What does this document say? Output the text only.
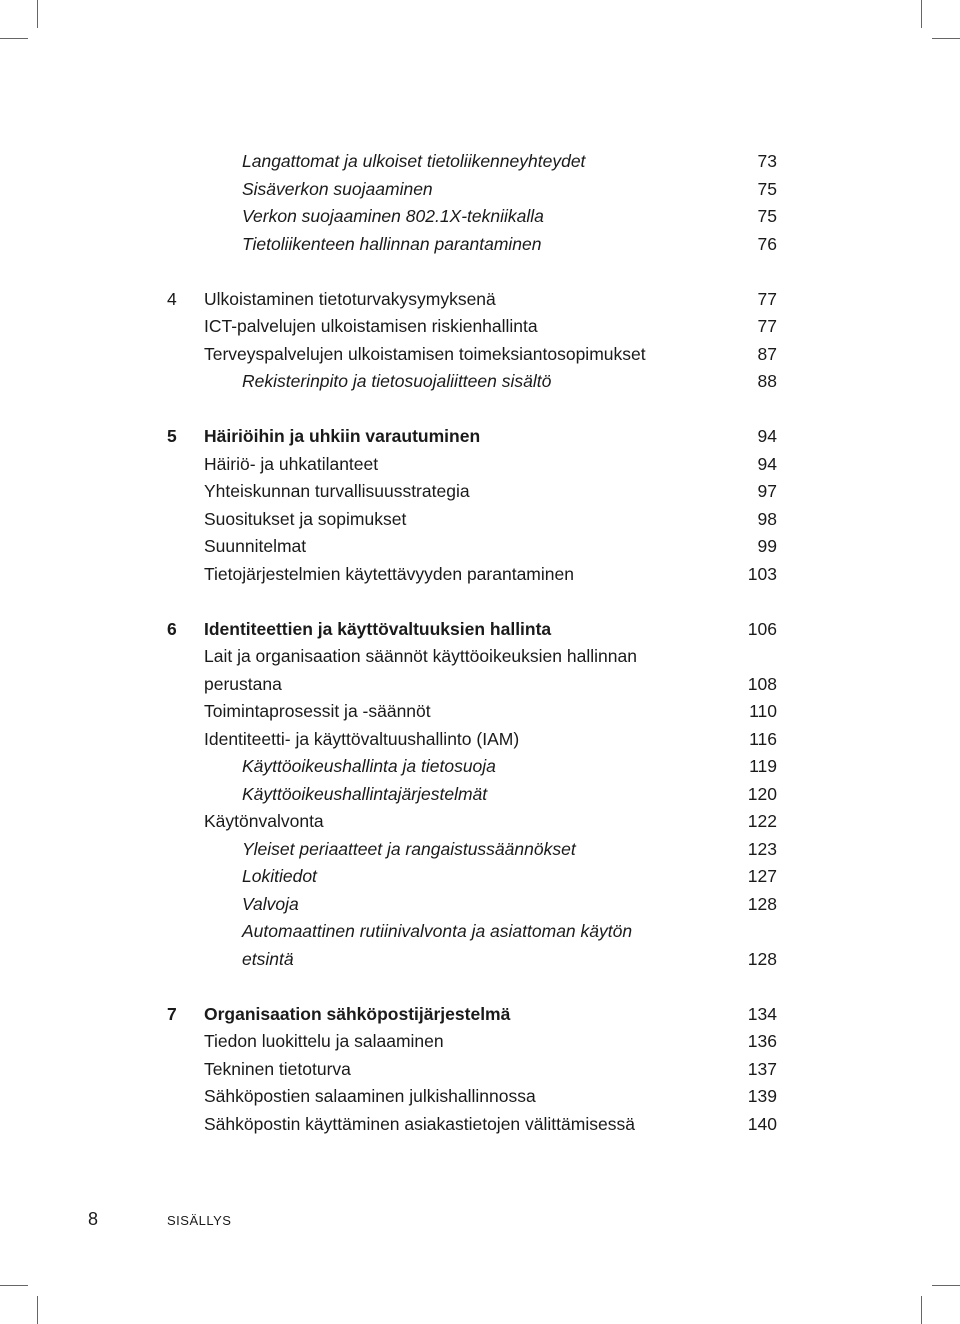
Langattomat ja ulkoiset tietoliikenneyhteydet	73
Sisäverkon suojaaminen	75
Verkon suojaaminen 802.1X-tekniikalla	75
Tietoliikenteen hallinnan parantaminen	76
4	Ulkoistaminen tietoturvakysymyksenä	77
ICT-palvelujen ulkoistamisen riskienhallinta	77
Terveyspalvelujen ulkoistamisen toimeksiantosopimukset	87
Rekisterinpito ja tietosuojaliitteen sisältö	88
5	Häiriöihin ja uhkiin varautuminen	94
Häiriö- ja uhkatilanteet	94
Yhteiskunnan turvallisuusstrategia	97
Suositukset ja sopimukset	98
Suunnitelmat	99
Tietojärjestelmien käytettävyyden parantaminen	103
6	Identiteettien ja käyttövaltuuksien hallinta	106
Lait ja organisaation säännöt käyttöoikeuksien hallinnan
perustana	108
Toimintaprosessit ja -säännöt	110
Identiteetti- ja käyttövaltuushallinto (IAM)	116
Käyttöoikeushallinta ja tietosuoja	119
Käyttöoikeushallintajärjestelmät	120
Käytönvalvonta	122
Yleiset periaatteet ja rangaistussäännökset	123
Lokitiedot	127
Valvoja	128
Automaattinen rutiinivalvonta ja asiattoman käytön
etsintä	128
7	Organisaation sähköpostijärjestelmä	134
Tiedon luokittelu ja salaaminen	136
Tekninen tietoturva	137
Sähköpostien salaaminen julkishallinnossa	139
Sähköpostin käyttäminen asiakastietojen välittämisessä	140
8	SISÄLLYS
